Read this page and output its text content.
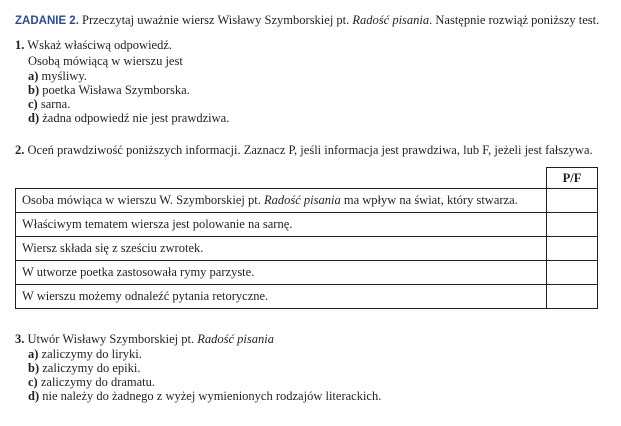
ZADANIE 2. Przeczytaj uważnie wiersz Wisławy Szymborskiej pt. Radość pisania. Następnie rozwiąż poniższy test.
1. Wskaż właściwą odpowiedź.
Osobą mówiącą w wierszu jest
a) myśliwy.
b) poetka Wisława Szymborska.
c) sarna.
d) żadna odpowiedź nie jest prawdziwa.
2. Oceń prawdziwość poniższych informacji. Zaznacz P, jeśli informacja jest prawdziwa, lub F, jeżeli jest fałszywa.
	P/F
Osoba mówiąca w wierszu W. Szymborskiej pt. Radość pisania ma wpływ na świat, który stwarza.	
Właściwym tematem wiersza jest polowanie na sarnę.	
Wiersz składa się z sześciu zwrotek.	
W utworze poetka zastosowała rymy parzyste.	
W wierszu możemy odnaleźć pytania retoryczne.	
3. Utwór Wisławy Szymborskiej pt. Radość pisania
a) zaliczymy do liryki.
b) zaliczymy do epiki.
c) zaliczymy do dramatu.
d) nie należy do żadnego z wyżej wymienionych rodzajów literackich.
